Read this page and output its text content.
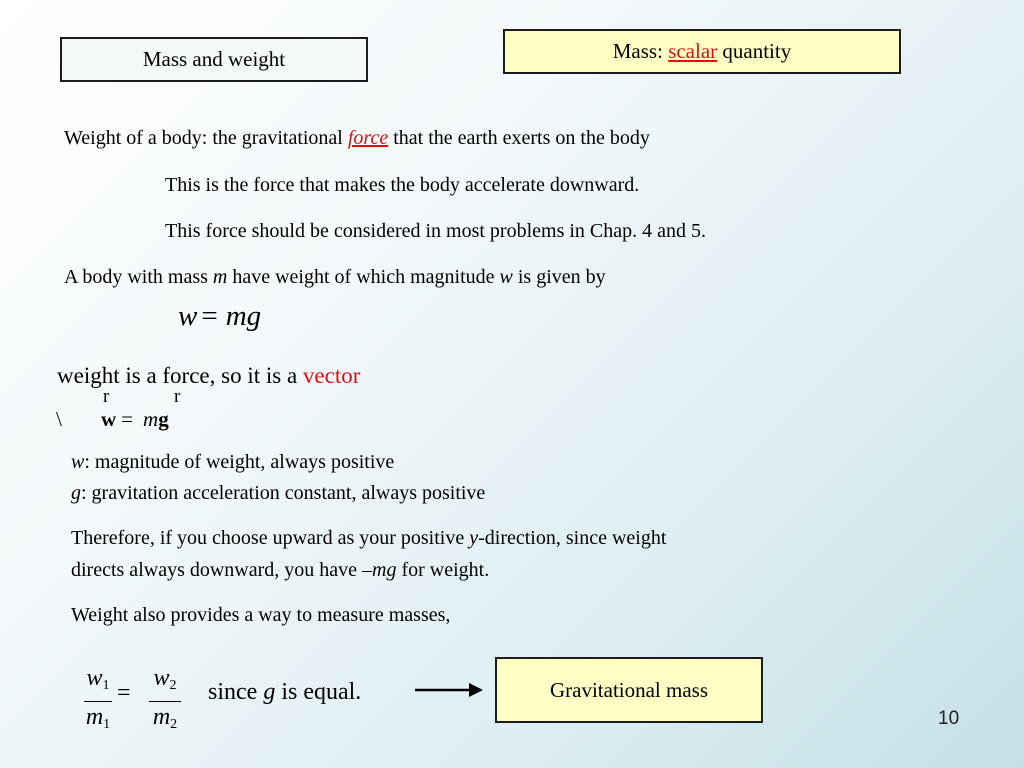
Mass and weight	Mass: scalar quantity
Weight of a body: the gravitational force that the earth exerts on the body
This is the force that makes the body accelerate downward.
This force should be considered in most problems in Chap. 4 and 5.
A body with mass m have weight of which magnitude w is given by
w = mg
weight is a force, so it is a vector
r	r
\ w = mg
w: magnitude of weight, always positive
g: gravitation acceleration constant, always positive
Therefore, if you choose upward as your positive y-direction, since weight
directs always downward, you have –mg for weight.
Weight also provides a way to measure masses,
$w_1$
$m_1$
=
$w_2$
$m_2$
since g is equal.	Gravitational mass
10
